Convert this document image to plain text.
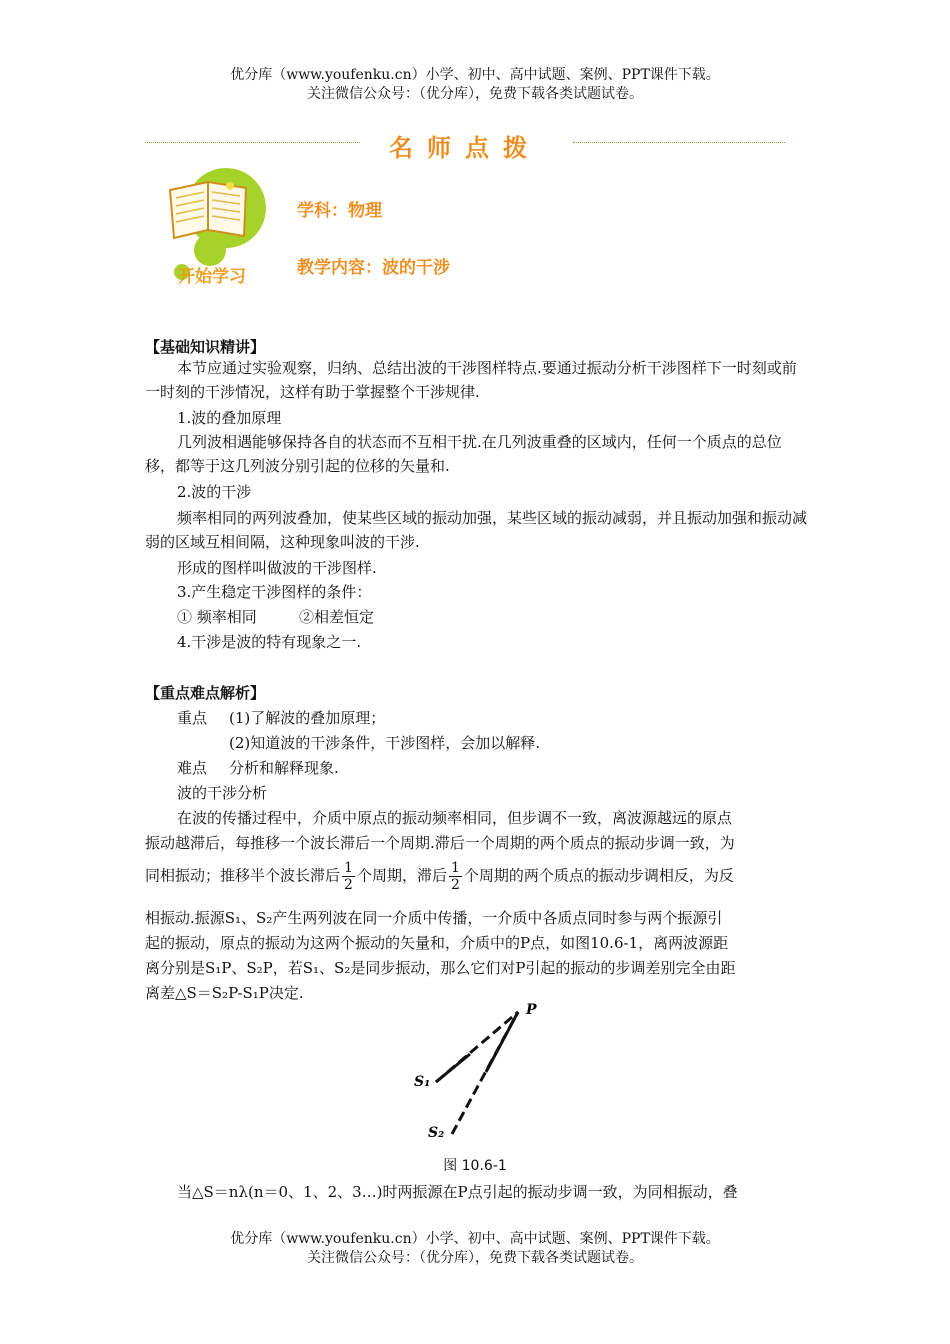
优分库（www.youfenku.cn）小学、初中、高中试题、案例、PPT课件下载。
关注微信公众号：（优分库），免费下载各类试题试卷。
名师点拨
开始学习
学科：物理
教学内容：波的干涉
【基础知识精讲】
本节应通过实验观察，归纳、总结出波的干涉图样特点.要通过振动分析干涉图样下一时刻或前一时刻的干涉情况，这样有助于掌握整个干涉规律.
1.波的叠加原理
几列波相遇能够保持各自的状态而不互相干扰.在几列波重叠的区域内，任何一个质点的总位移，都等于这几列波分别引起的位移的矢量和.
2.波的干涉
频率相同的两列波叠加，使某些区域的振动加强，某些区域的振动减弱，并且振动加强和振动减弱的区域互相间隔，这种现象叫波的干涉.
形成的图样叫做波的干涉图样.
3.产生稳定干涉图样的条件：
① 频率相同	②相差恒定
4.干涉是波的特有现象之一.
【重点难点解析】
重点 (1)了解波的叠加原理；
(2)知道波的干涉条件，干涉图样，会加以解释.
难点 分析和解释现象.
波的干涉分析
在波的传播过程中，介质中原点的振动频率相同，但步调不一致，离波源越远的原点
振动越滞后，每推移一个波长滞后一个周期.滞后一个周期的两个质点的振动步调一致，为
同相振动；推移半个波长滞后 $\frac{1}{2}$ 个周期，滞后 $\frac{1}{2}$ 个周期的两个质点的振动步调相反，为反
相振动.振源S₁、S₂产生两列波在同一介质中传播，一介质中各质点同时参与两个振源引
起的振动，原点的振动为这两个振动的矢量和，介质中的P点，如图10.6-1，离两波源距
离分别是S₁P、S₂P，若S₁、S₂是同步振动，那么它们对P引起的振动的步调差别完全由距
离差△S＝S₂P-S₁P决定.
P
S₁
S₂
图 10.6-1
当△S＝nλ(n＝0、1、2、3…)时两振源在P点引起的振动步调一致，为同相振动，叠
优分库（www.youfenku.cn）小学、初中、高中试题、案例、PPT课件下载。
关注微信公众号：（优分库），免费下载各类试题试卷。
